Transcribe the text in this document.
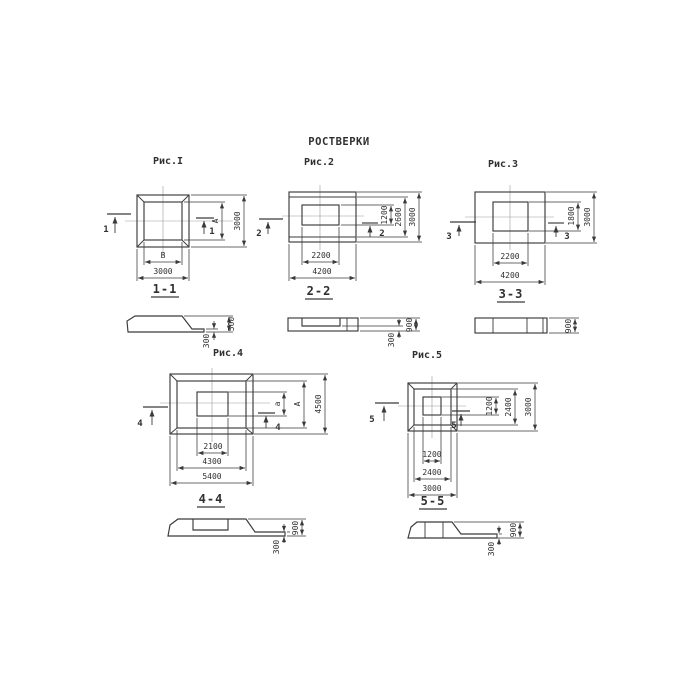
РОСТВЕРКИ
Рис.I
1	1
A 3000
B
3000
1-1
500
300
Рис.2
2	2
1200 2600 3000
2200
4200
2-2
900
300
Рис.3
3	3
1800 3000
2200
4200
3-3
900
Рис.4
4	4
a A 4500
2100
4300
5400
4-4
900
300
Рис.5
5
5
1200 2400 3000
1200
2400
3000
5-5
900
300
